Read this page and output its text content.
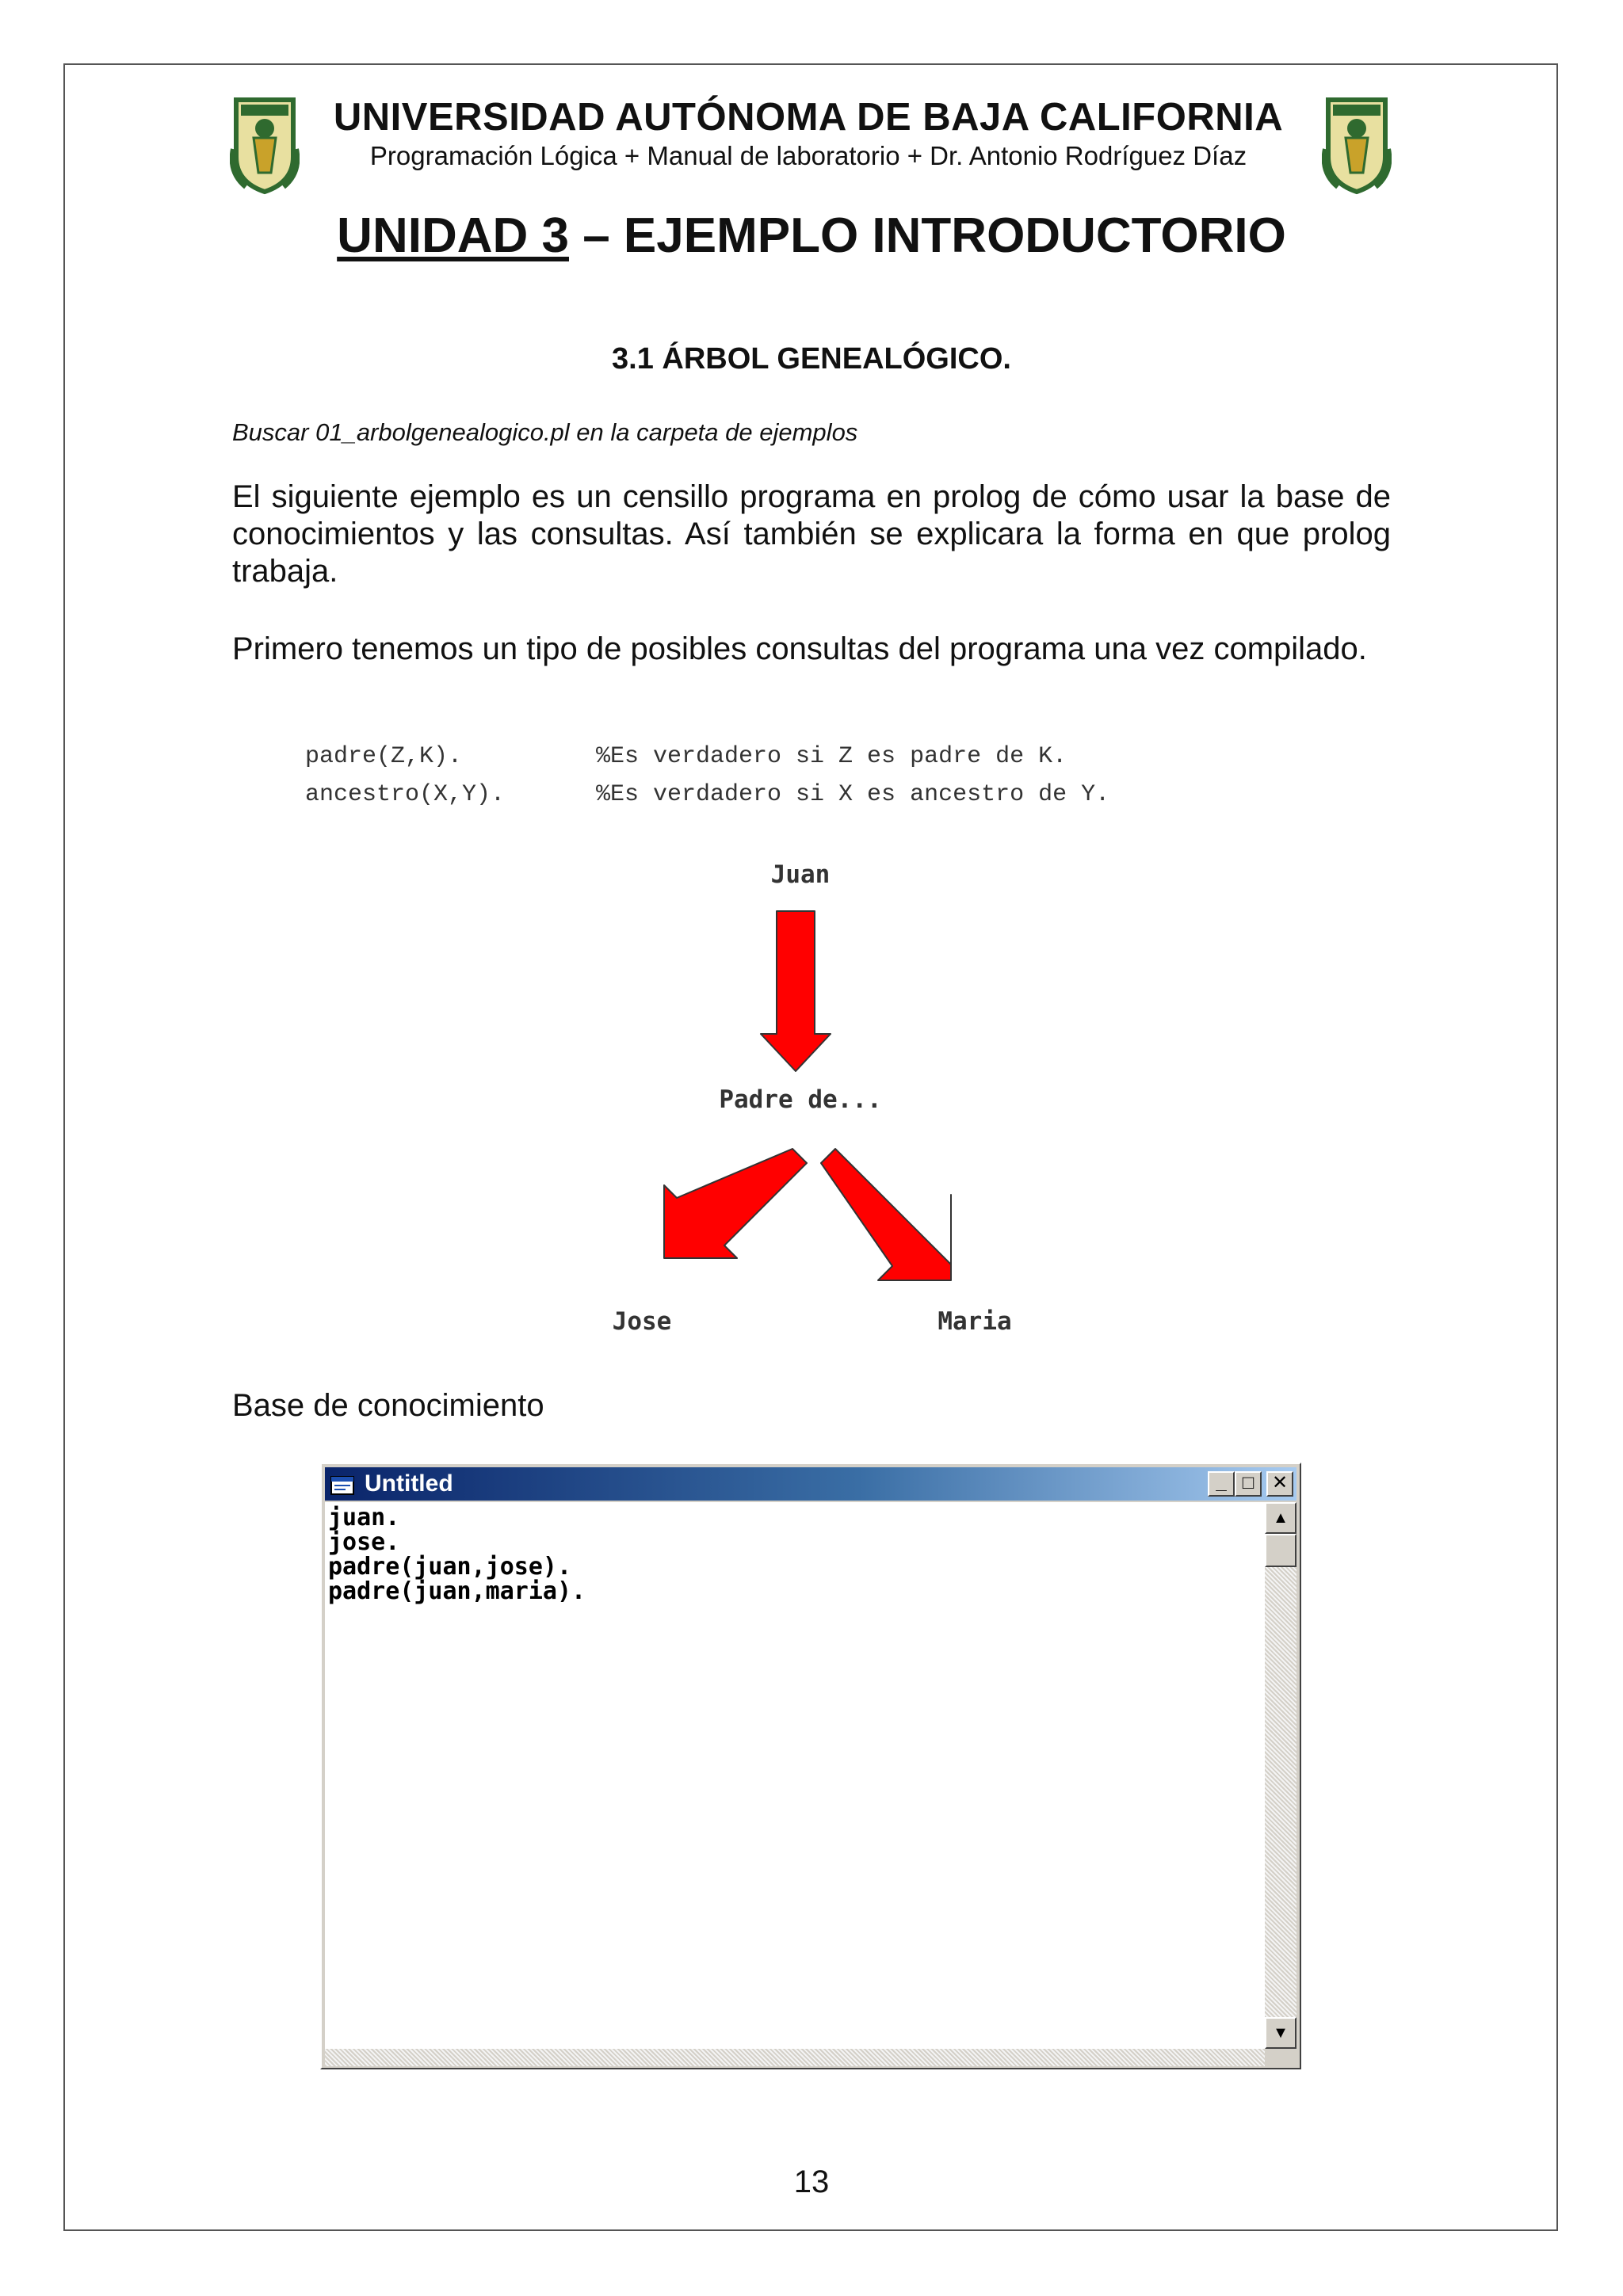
UNIVERSIDAD AUTÓNOMA DE BAJA CALIFORNIA
Programación Lógica + Manual de laboratorio + Dr. Antonio Rodríguez Díaz
UNIDAD 3 – EJEMPLO INTRODUCTORIO
3.1 ÁRBOL GENEALÓGICO.
Buscar 01_arbolgenealogico.pl en la carpeta de ejemplos

El siguiente ejemplo es un censillo programa en prolog de cómo usar la base de conocimientos y las consultas. Así también se explicara la forma en que prolog trabaja.

Primero tenemos un tipo de posibles consultas del programa una vez compilado.

padre(Z,K).	%Es verdadero si Z es padre de K.
ancestro(X,Y).	%Es verdadero si X es ancestro de Y.
Juan
Padre de...
Jose	Maria
Base de conocimiento
Untitled	_ □ ✕
juan.
jose.
padre(juan,jose).
padre(juan,maria).
▲
▼
13
